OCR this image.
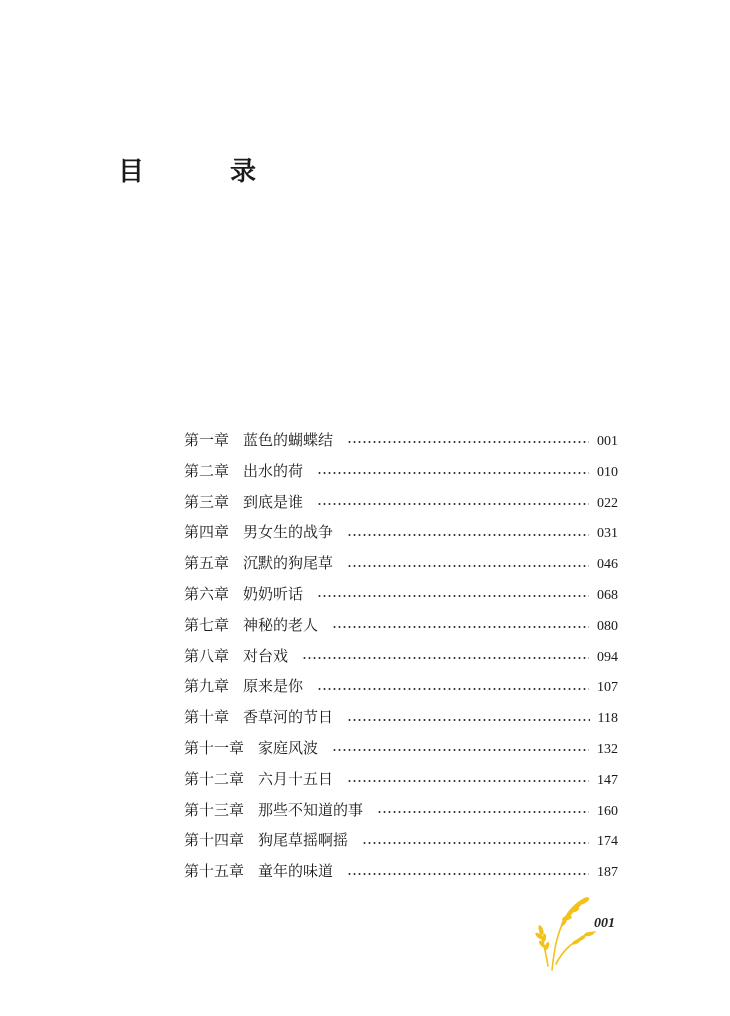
目　录
第一章 蓝色的蝴蝶结	001
第二章 出水的荷	010
第三章 到底是谁	022
第四章 男女生的战争	031
第五章 沉默的狗尾草	046
第六章 奶奶听话	068
第七章 神秘的老人	080
第八章 对台戏	094
第九章 原来是你	107
第十章 香草河的节日	118
第十一章 家庭风波	132
第十二章 六月十五日	147
第十三章 那些不知道的事	160
第十四章 狗尾草摇啊摇	174
第十五章 童年的味道	187
001
